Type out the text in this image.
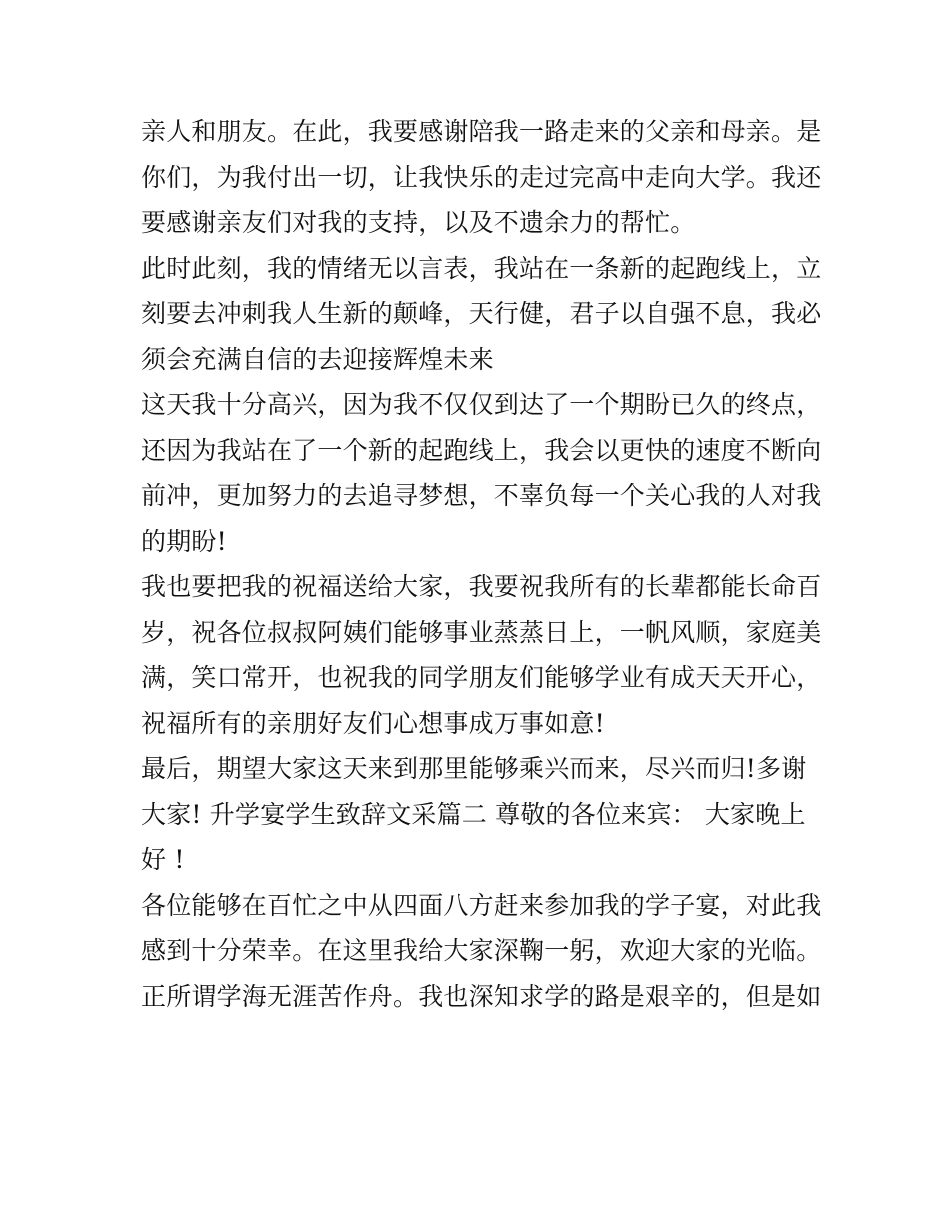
亲人和朋友。在此，我要感谢陪我一路走来的父亲和母亲。是
你们，为我付出一切，让我快乐的走过完高中走向大学。我还
要感谢亲友们对我的支持，以及不遗余力的帮忙。
此时此刻，我的情绪无以言表，我站在一条新的起跑线上，立
刻要去冲刺我人生新的颠峰，天行健，君子以自强不息，我必
须会充满自信的去迎接辉煌未来
这天我十分高兴，因为我不仅仅到达了一个期盼已久的终点，
还因为我站在了一个新的起跑线上，我会以更快的速度不断向
前冲，更加努力的去追寻梦想，不辜负每一个关心我的人对我
的期盼!
我也要把我的祝福送给大家，我要祝我所有的长辈都能长命百
岁，祝各位叔叔阿姨们能够事业蒸蒸日上，一帆风顺，家庭美
满，笑口常开，也祝我的同学朋友们能够学业有成天天开心，
祝福所有的亲朋好友们心想事成万事如意!
最后，期望大家这天来到那里能够乘兴而来，尽兴而归!多谢
大家! 升学宴学生致辞文采篇二 尊敬的各位来宾： 大家晚上
好 !
各位能够在百忙之中从四面八方赶来参加我的学子宴，对此我
感到十分荣幸。在这里我给大家深鞠一躬，欢迎大家的光临。
正所谓学海无涯苦作舟。我也深知求学的路是艰辛的，但是如
